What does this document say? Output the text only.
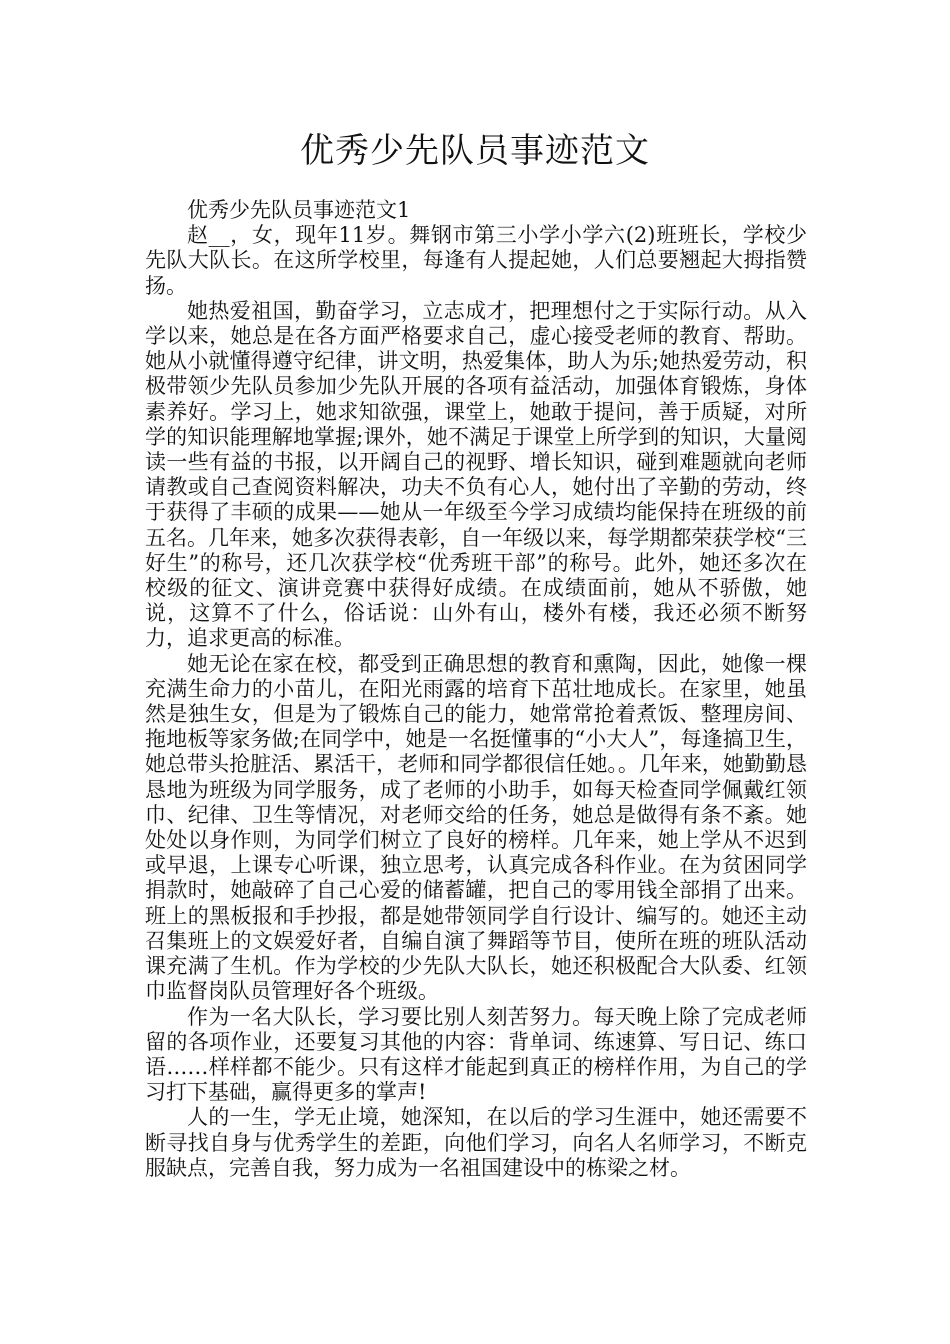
优秀少先队员事迹范文

优秀少先队员事迹范文1

赵__，女，现年11岁。舞钢市第三小学小学六(2)班班长，学校少先队大队长。在这所学校里，每逢有人提起她，人们总要翘起大拇指赞扬。

她热爱祖国，勤奋学习，立志成才，把理想付之于实际行动。从入学以来，她总是在各方面严格要求自己，虚心接受老师的教育、帮助。她从小就懂得遵守纪律，讲文明，热爱集体，助人为乐;她热爱劳动，积极带领少先队员参加少先队开展的各项有益活动，加强体育锻炼，身体素养好。学习上，她求知欲强，课堂上，她敢于提问，善于质疑，对所学的知识能理解地掌握;课外，她不满足于课堂上所学到的知识，大量阅读一些有益的书报，以开阔自己的视野、增长知识，碰到难题就向老师请教或自己查阅资料解决，功夫不负有心人，她付出了辛勤的劳动，终于获得了丰硕的成果——她从一年级至今学习成绩均能保持在班级的前五名。几年来，她多次获得表彰，自一年级以来，每学期都荣获学校“三好生”的称号，还几次获学校“优秀班干部”的称号。此外，她还多次在校级的征文、演讲竞赛中获得好成绩。在成绩面前，她从不骄傲，她说，这算不了什么，俗话说：山外有山，楼外有楼，我还必须不断努力，追求更高的标准。

她无论在家在校，都受到正确思想的教育和熏陶，因此，她像一棵充满生命力的小苗儿，在阳光雨露的培育下茁壮地成长。在家里，她虽然是独生女，但是为了锻炼自己的能力，她常常抢着煮饭、整理房间、拖地板等家务做;在同学中，她是一名挺懂事的“小大人”，每逢搞卫生，她总带头抢脏活、累活干，老师和同学都很信任她。。几年来，她勤勤恳恳地为班级为同学服务，成了老师的小助手，如每天检查同学佩戴红领巾、纪律、卫生等情况，对老师交给的任务，她总是做得有条不紊。她处处以身作则，为同学们树立了良好的榜样。几年来，她上学从不迟到或早退，上课专心听课，独立思考，认真完成各科作业。在为贫困同学捐款时，她敲碎了自己心爱的储蓄罐，把自己的零用钱全部捐了出来。班上的黑板报和手抄报，都是她带领同学自行设计、编写的。她还主动召集班上的文娱爱好者，自编自演了舞蹈等节目，使所在班的班队活动课充满了生机。作为学校的少先队大队长，她还积极配合大队委、红领巾监督岗队员管理好各个班级。

作为一名大队长，学习要比别人刻苦努力。每天晚上除了完成老师留的各项作业，还要复习其他的内容：背单词、练速算、写日记、练口语……样样都不能少。只有这样才能起到真正的榜样作用，为自己的学习打下基础，赢得更多的掌声!

人的一生，学无止境，她深知，在以后的学习生涯中，她还需要不断寻找自身与优秀学生的差距，向他们学习，向名人名师学习，不断克服缺点，完善自我，努力成为一名祖国建设中的栋梁之材。
